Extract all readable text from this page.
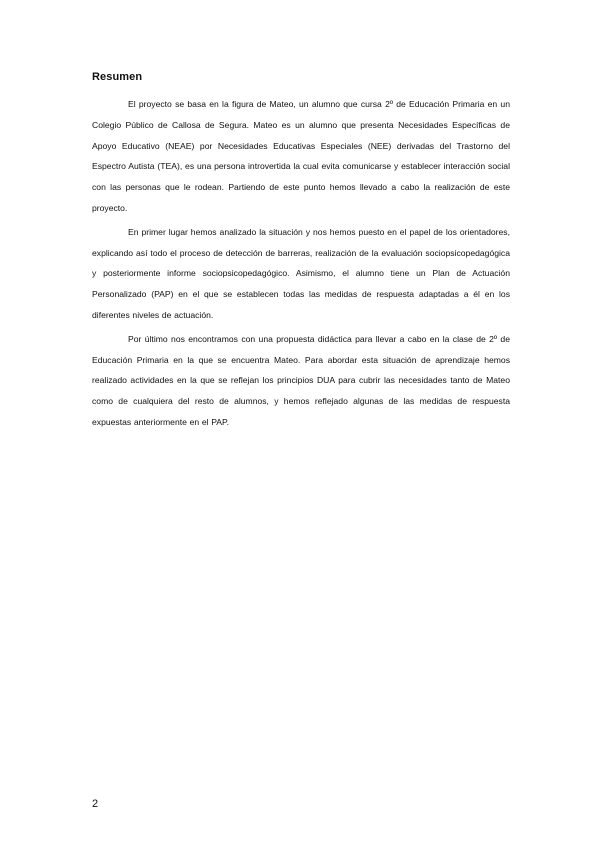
Resumen

El proyecto se basa en la figura de Mateo, un alumno que cursa 2º de Educación Primaria en un Colegio Público de Callosa de Segura. Mateo es un alumno que presenta Necesidades Específicas de Apoyo Educativo (NEAE) por Necesidades Educativas Especiales (NEE) derivadas del Trastorno del Espectro Autista (TEA), es una persona introvertida la cual evita comunicarse y establecer interacción social con las personas que le rodean. Partiendo de este punto hemos llevado a cabo la realización de este proyecto.

En primer lugar hemos analizado la situación y nos hemos puesto en el papel de los orientadores, explicando así todo el proceso de detección de barreras, realización de la evaluación sociopsicopedagógica y posteriormente informe sociopsicopedagógico. Asimismo, el alumno tiene un Plan de Actuación Personalizado (PAP) en el que se establecen todas las medidas de respuesta adaptadas a él en los diferentes niveles de actuación.

Por último nos encontramos con una propuesta didáctica para llevar a cabo en la clase de 2º de Educación Primaria en la que se encuentra Mateo. Para abordar esta situación de aprendizaje hemos realizado actividades en la que se reflejan los principios DUA para cubrir las necesidades tanto de Mateo como de cualquiera del resto de alumnos, y hemos reflejado algunas de las medidas de respuesta expuestas anteriormente en el PAP.

2
